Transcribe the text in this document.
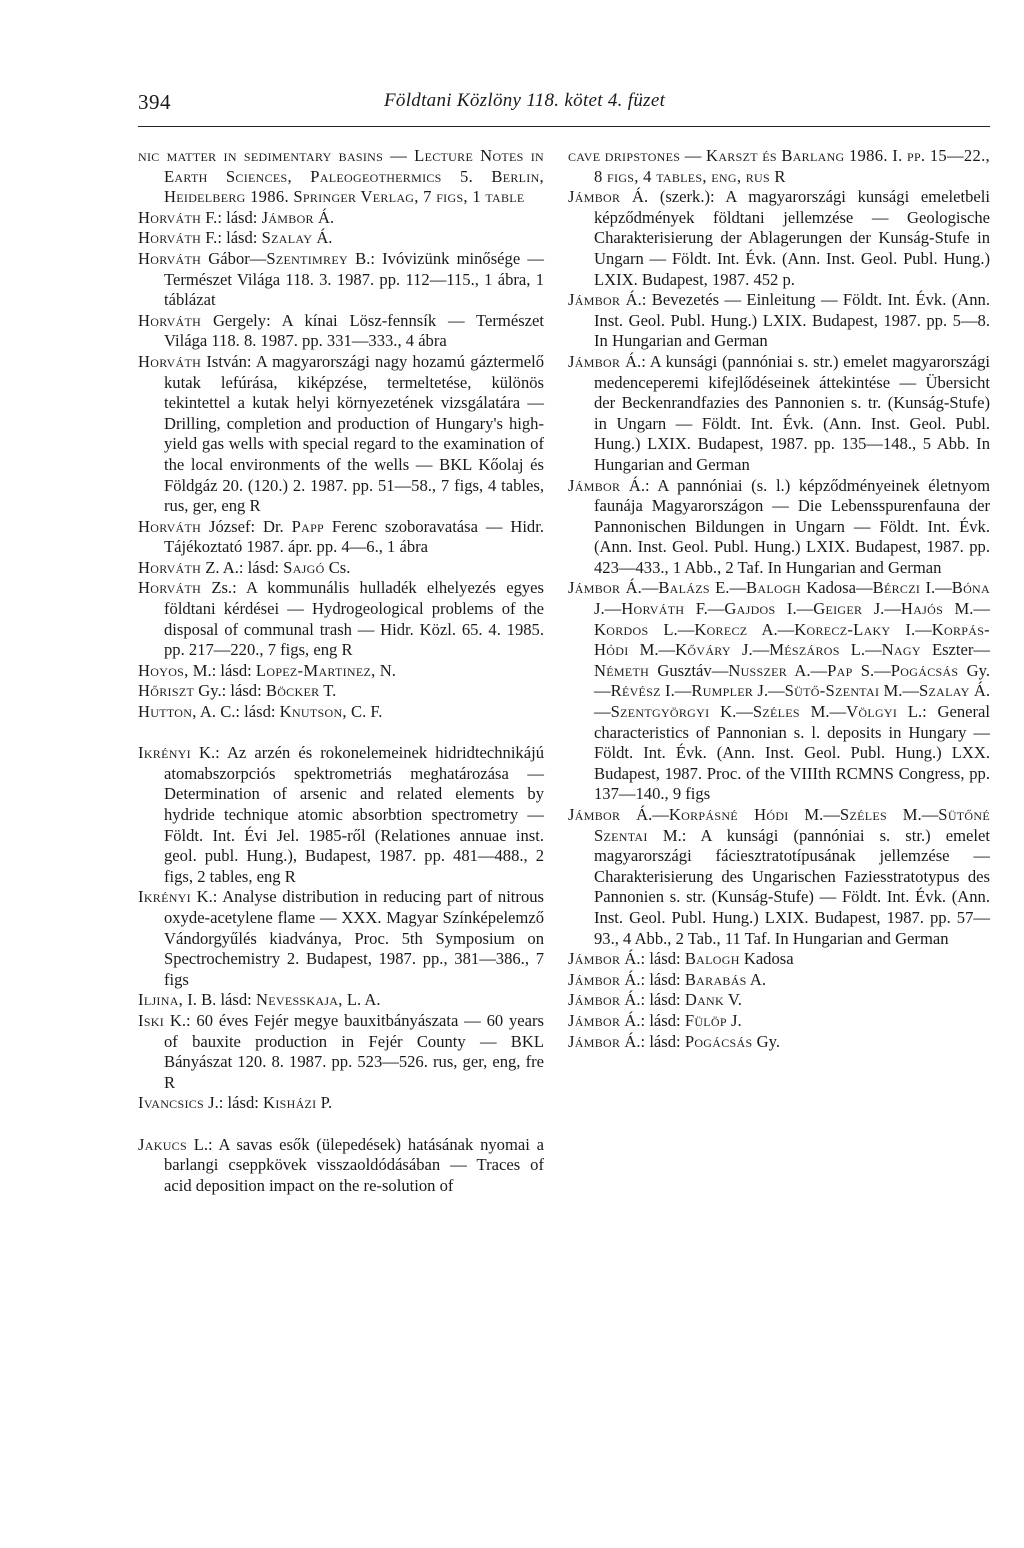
394	Földtani Közlöny 118. kötet 4. füzet

nic matter in sedimentary basins — Lecture Notes in Earth Sciences, Paleogeothermics 5. Berlin, Heidelberg 1986. Springer Verlag, 7 figs, 1 table

Horváth F.: lásd: Jámbor Á.

Horváth F.: lásd: Szalay Á.

Horváth Gábor—Szentimrey B.: Ivóvizünk minősége — Természet Világa 118. 3. 1987. pp. 112—115., 1 ábra, 1 táblázat

Horváth Gergely: A kínai Lösz-fennsík — Természet Világa 118. 8. 1987. pp. 331—333., 4 ábra

Horváth István: A magyarországi nagy hozamú gáztermelő kutak lefúrása, kiképzése, termeltetése, különös tekintettel a kutak helyi környezetének vizsgálatára — Drilling, completion and production of Hungary's high-yield gas wells with special regard to the examination of the local environments of the wells — BKL Kőolaj és Földgáz 20. (120.) 2. 1987. pp. 51—58., 7 figs, 4 tables, rus, ger, eng R

Horváth József: Dr. Papp Ferenc szoboravatása — Hidr. Tájékoztató 1987. ápr. pp. 4—6., 1 ábra

Horváth Z. A.: lásd: Sajgó Cs.

Horváth Zs.: A kommunális hulladék elhelyezés egyes földtani kérdései — Hydrogeological problems of the disposal of communal trash — Hidr. Közl. 65. 4. 1985. pp. 217—220., 7 figs, eng R

Hoyos, M.: lásd: Lopez-Martinez, N.

Hőriszt Gy.: lásd: Böcker T.

Hutton, A. C.: lásd: Knutson, C. F.

Ikrényi K.: Az arzén és rokonelemeinek hidridtechnikájú atomabszorpciós spektrometriás meghatározása — Determination of arsenic and related elements by hydride technique atomic absorbtion spectrometry — Földt. Int. Évi Jel. 1985-ről (Relationes annuae inst. geol. publ. Hung.), Budapest, 1987. pp. 481—488., 2 figs, 2 tables, eng R

Ikrényi K.: Analyse distribution in reducing part of nitrous oxyde-acetylene flame — XXX. Magyar Színképelemző Vándorgyűlés kiadványa, Proc. 5th Symposium on Spectrochemistry 2. Budapest, 1987. pp., 381—386., 7 figs

Iljina, I. B. lásd: Nevesskaja, L. A.

Iski K.: 60 éves Fejér megye bauxitbányászata — 60 years of bauxite production in Fejér County — BKL Bányászat 120. 8. 1987. pp. 523—526. rus, ger, eng, fre R

Ivancsics J.: lásd: Kisházi P.

Jakucs L.: A savas esők (ülepedések) hatásának nyomai a barlangi cseppkövek visszaoldódásában — Traces of acid deposition impact on the re-solution of

cave dripstones — Karszt és Barlang 1986. I. pp. 15—22., 8 figs, 4 tables, eng, rus R

Jámbor Á. (szerk.): A magyarországi kunsági emeletbeli képződmények földtani jellemzése — Geologische Charakterisierung der Ablagerungen der Kunság-Stufe in Ungarn — Földt. Int. Évk. (Ann. Inst. Geol. Publ. Hung.) LXIX. Budapest, 1987. 452 p.

Jámbor Á.: Bevezetés — Einleitung — Földt. Int. Évk. (Ann. Inst. Geol. Publ. Hung.) LXIX. Budapest, 1987. pp. 5—8. In Hungarian and German

Jámbor Á.: A kunsági (pannóniai s. str.) emelet magyarországi medenceperemi kifejlődéseinek áttekintése — Übersicht der Beckenrandfazies des Pannonien s. tr. (Kunság-Stufe) in Ungarn — Földt. Int. Évk. (Ann. Inst. Geol. Publ. Hung.) LXIX. Budapest, 1987. pp. 135—148., 5 Abb. In Hungarian and German

Jámbor Á.: A pannóniai (s. l.) képződményeinek életnyom faunája Magyarországon — Die Lebensspurenfauna der Pannonischen Bildungen in Ungarn — Földt. Int. Évk. (Ann. Inst. Geol. Publ. Hung.) LXIX. Budapest, 1987. pp. 423—433., 1 Abb., 2 Taf. In Hungarian and German

Jámbor Á.—Balázs E.—Balogh Kadosa—Bérczi I.—Bóna J.—Horváth F.—Gajdos I.—Geiger J.—Hajós M.—Kordos L.—Korecz A.—Korecz-Laky I.—Korpás-Hódi M.—Kőváry J.—Mészáros L.—Nagy Eszter—Németh Gusztáv—Nusszer A.—Pap S.—Pogácsás Gy.—Révész I.—Rumpler J.—Sütő-Szentai M.—Szalay Á.—Szentgyörgyi K.—Széles M.—Völgyi L.: General characteristics of Pannonian s. l. deposits in Hungary — Földt. Int. Évk. (Ann. Inst. Geol. Publ. Hung.) LXX. Budapest, 1987. Proc. of the VIIIth RCMNS Congress, pp. 137—140., 9 figs

Jámbor Á.—Korpásné Hódi M.—Széles M.—Sütőné Szentai M.: A kunsági (pannóniai s. str.) emelet magyarországi fáciesztratotípusának jellemzése — Charakterisierung des Ungarischen Faziesstratotypus des Pannonien s. str. (Kunság-Stufe) — Földt. Int. Évk. (Ann. Inst. Geol. Publ. Hung.) LXIX. Budapest, 1987. pp. 57—93., 4 Abb., 2 Tab., 11 Taf. In Hungarian and German

Jámbor Á.: lásd: Balogh Kadosa

Jámbor Á.: lásd: Barabás A.

Jámbor Á.: lásd: Dank V.

Jámbor Á.: lásd: Fülöp J.

Jámbor Á.: lásd: Pogácsás Gy.
